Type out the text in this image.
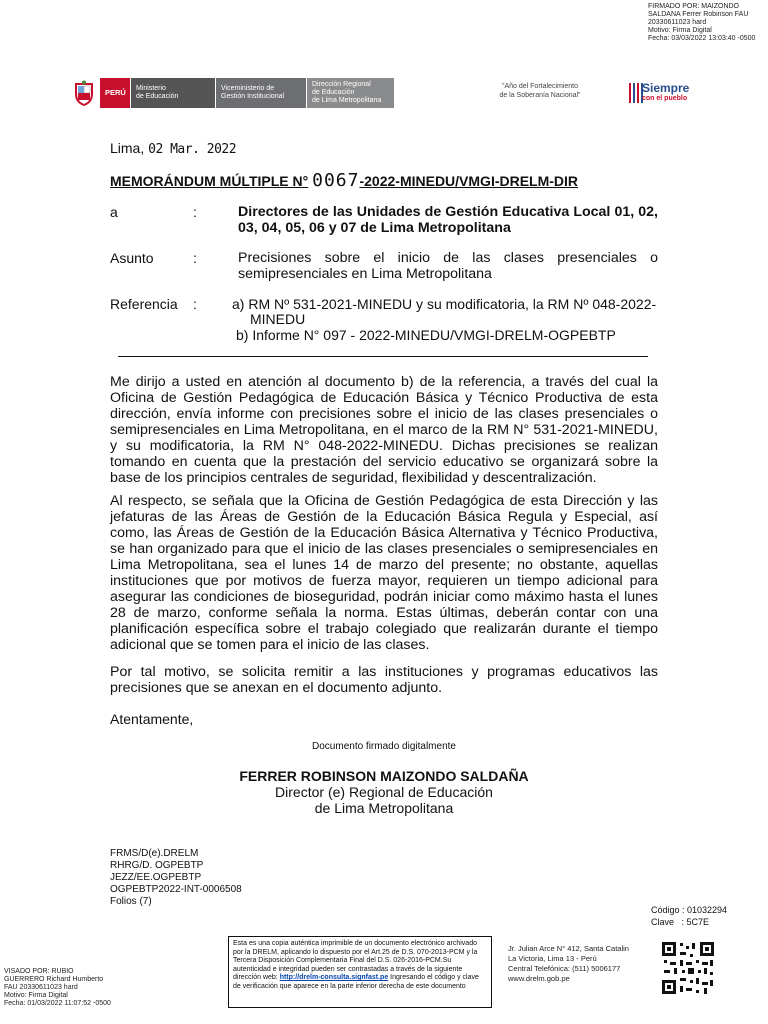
FIRMADO POR: MAIZONDO
SALDANA Ferrer Robinson FAU
20330611023 hard
Motivo: Firma Digital
Fecha: 03/03/2022 13:03:40 -0500
PERÚ	Ministerio
de Educación
Viceministerio de
Gestión Institucional
Dirección Regional
de Educación
de Lima Metropolitana
"Año del Fortalecimiento
de la Soberanía Nacional"
Siempre
con el pueblo
Lima, 02 Mar. 2022
MEMORÁNDUM MÚLTIPLE N° 0067-2022-MINEDU/VMGI-DRELM-DIR
a	:	Directores de las Unidades de Gestión Educativa Local 01, 02, 03, 04, 05, 06 y 07 de Lima Metropolitana
Asunto	:	Precisiones sobre el inicio de las clases presenciales o semipresenciales en Lima Metropolitana
Referencia :	a) RM Nº 531-2021-MINEDU y su modificatoria, la RM Nº 048-2022-
MINEDU
b) Informe N° 097 - 2022-MINEDU/VMGI-DRELM-OGPEBTP
Me dirijo a usted en atención al documento b) de la referencia, a través del cual la Oficina de Gestión Pedagógica de Educación Básica y Técnico Productiva de esta dirección, envía informe con precisiones sobre el inicio de las clases presenciales o semipresenciales en Lima Metropolitana, en el marco de la RM N° 531-2021-MINEDU, y su modificatoria, la RM N° 048-2022-MINEDU. Dichas precisiones se realizan tomando en cuenta que la prestación del servicio educativo se organizará sobre la base de los principios centrales de seguridad, flexibilidad y descentralización.
Al respecto, se señala que la Oficina de Gestión Pedagógica de esta Dirección y las jefaturas de las Áreas de Gestión de la Educación Básica Regula y Especial, así como, las Áreas de Gestión de la Educación Básica Alternativa y Técnico Productiva, se han organizado para que el inicio de las clases presenciales o semipresenciales en Lima Metropolitana, sea el lunes 14 de marzo del presente; no obstante, aquellas instituciones que por motivos de fuerza mayor, requieren un tiempo adicional para asegurar las condiciones de bioseguridad, podrán iniciar como máximo hasta el lunes 28 de marzo, conforme señala la norma. Estas últimas, deberán contar con una planificación específica sobre el trabajo colegiado que realizarán durante el tiempo adicional que se tomen para el inicio de las clases.
Por tal motivo, se solicita remitir a las instituciones y programas educativos las precisiones que se anexan en el documento adjunto.
Atentamente,
Documento firmado digitalmente
FERRER ROBINSON MAIZONDO SALDAÑA
Director (e) Regional de Educación
de Lima Metropolitana
FRMS/D(e).DRELM
RHRG/D. OGPEBTP
JEZZ/EE.OGPEBTP
OGPEBTP2022-INT-0006508
Folios (7)
Código : 01032294
Clave   : 5C7E
Esta es una copia auténtica imprimible de un documento electrónico archivado por la DRELM, aplicando lo dispuesto por el Art.25 de D.S. 070-2013-PCM y la Tercera Disposición Complementaria Final del D.S. 026-2016-PCM.Su autenticidad e integridad pueden ser contrastadas a través de la siguiente dirección web: http://drelm-consulta.signfast.pe Ingresando el código y clave de verificación que aparece en la parte inferior derecha de este documento
Jr. Julian Arce N° 412, Santa Catalin
La Victoria, Lima 13 - Perú
Central Telefónica: (511) 5006177
www.drelm.gob.pe
VISADO POR: RUBIO
GUERRERO Richard Humberto
FAU 20330611023 hard
Motivo: Firma Digital
Fecha: 01/03/2022 11:07:52 -0500
